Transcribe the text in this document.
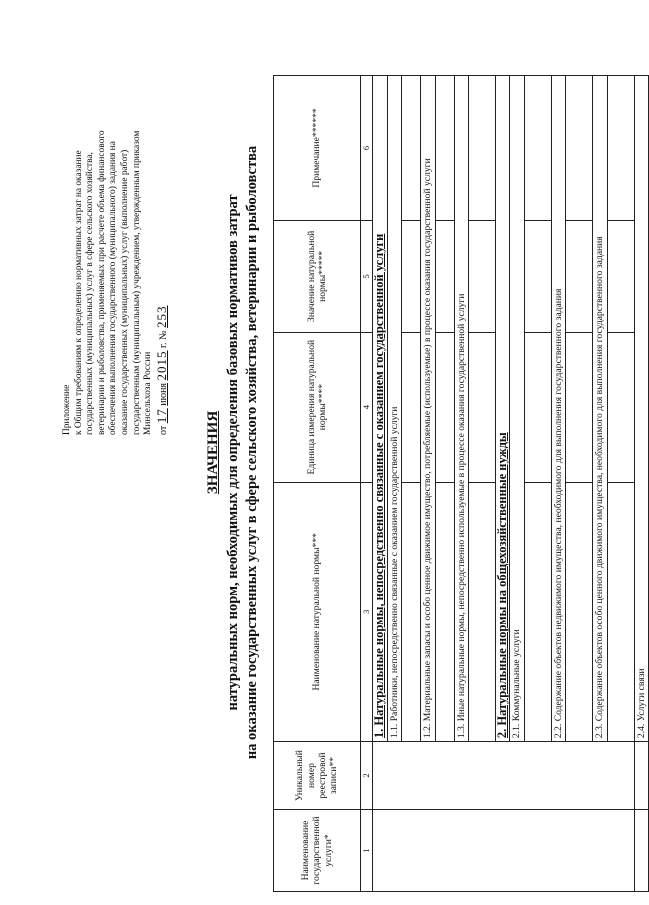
Приложение к Общим требованиям к определению нормативных затрат на оказание государственных (муниципальных) услуг в сфере сельского хозяйства, ветеринарии и рыболовства, применяемых при расчете объема финансового обеспечения выполнения государственного (муниципального) задания на оказание государственных (муниципальных) услуг (выполнение работ) государственным (муниципальным) учреждением, утвержденным приказом Минсельхоза России от 17 июня 2015 г. № 253
ЗНАЧЕНИЯ натуральных норм, необходимых для определения базовых нормативов затрат на оказание государственных услуг в сфере сельского хозяйства, ветеринарии и рыболовства
Наименование государственной услуги*	Уникальный номер реестровой записи**	Наименование натуральной нормы***	Единица измерения натуральной нормы****	Значение натуральной нормы*****	Примечание******
1	2	3	4	5	6
		1. Натуральные нормы, непосредственно связанные с оказанием государственной услуги			
		1.1. Работники, непосредственно связанные с оказанием государственной услуги			

		1.2. Материальные запасы и особо ценное движимое имущество, потребляемые (используемые) в процессе оказания государственной услуги			

		1.3. Иные натуральные нормы, непосредственно используемые в процессе оказания государственной услуги			

		2. Натуральные нормы на общехозяйственные нужды			
		2.1. Коммунальные услуги			

		2.2. Содержание объектов недвижимого имущества, необходимого для выполнения государственного задания			

		2.3. Содержание объектов особо ценного движимого имущества, необходимого для выполнения государственного задания			

		2.4. Услуги связи			
